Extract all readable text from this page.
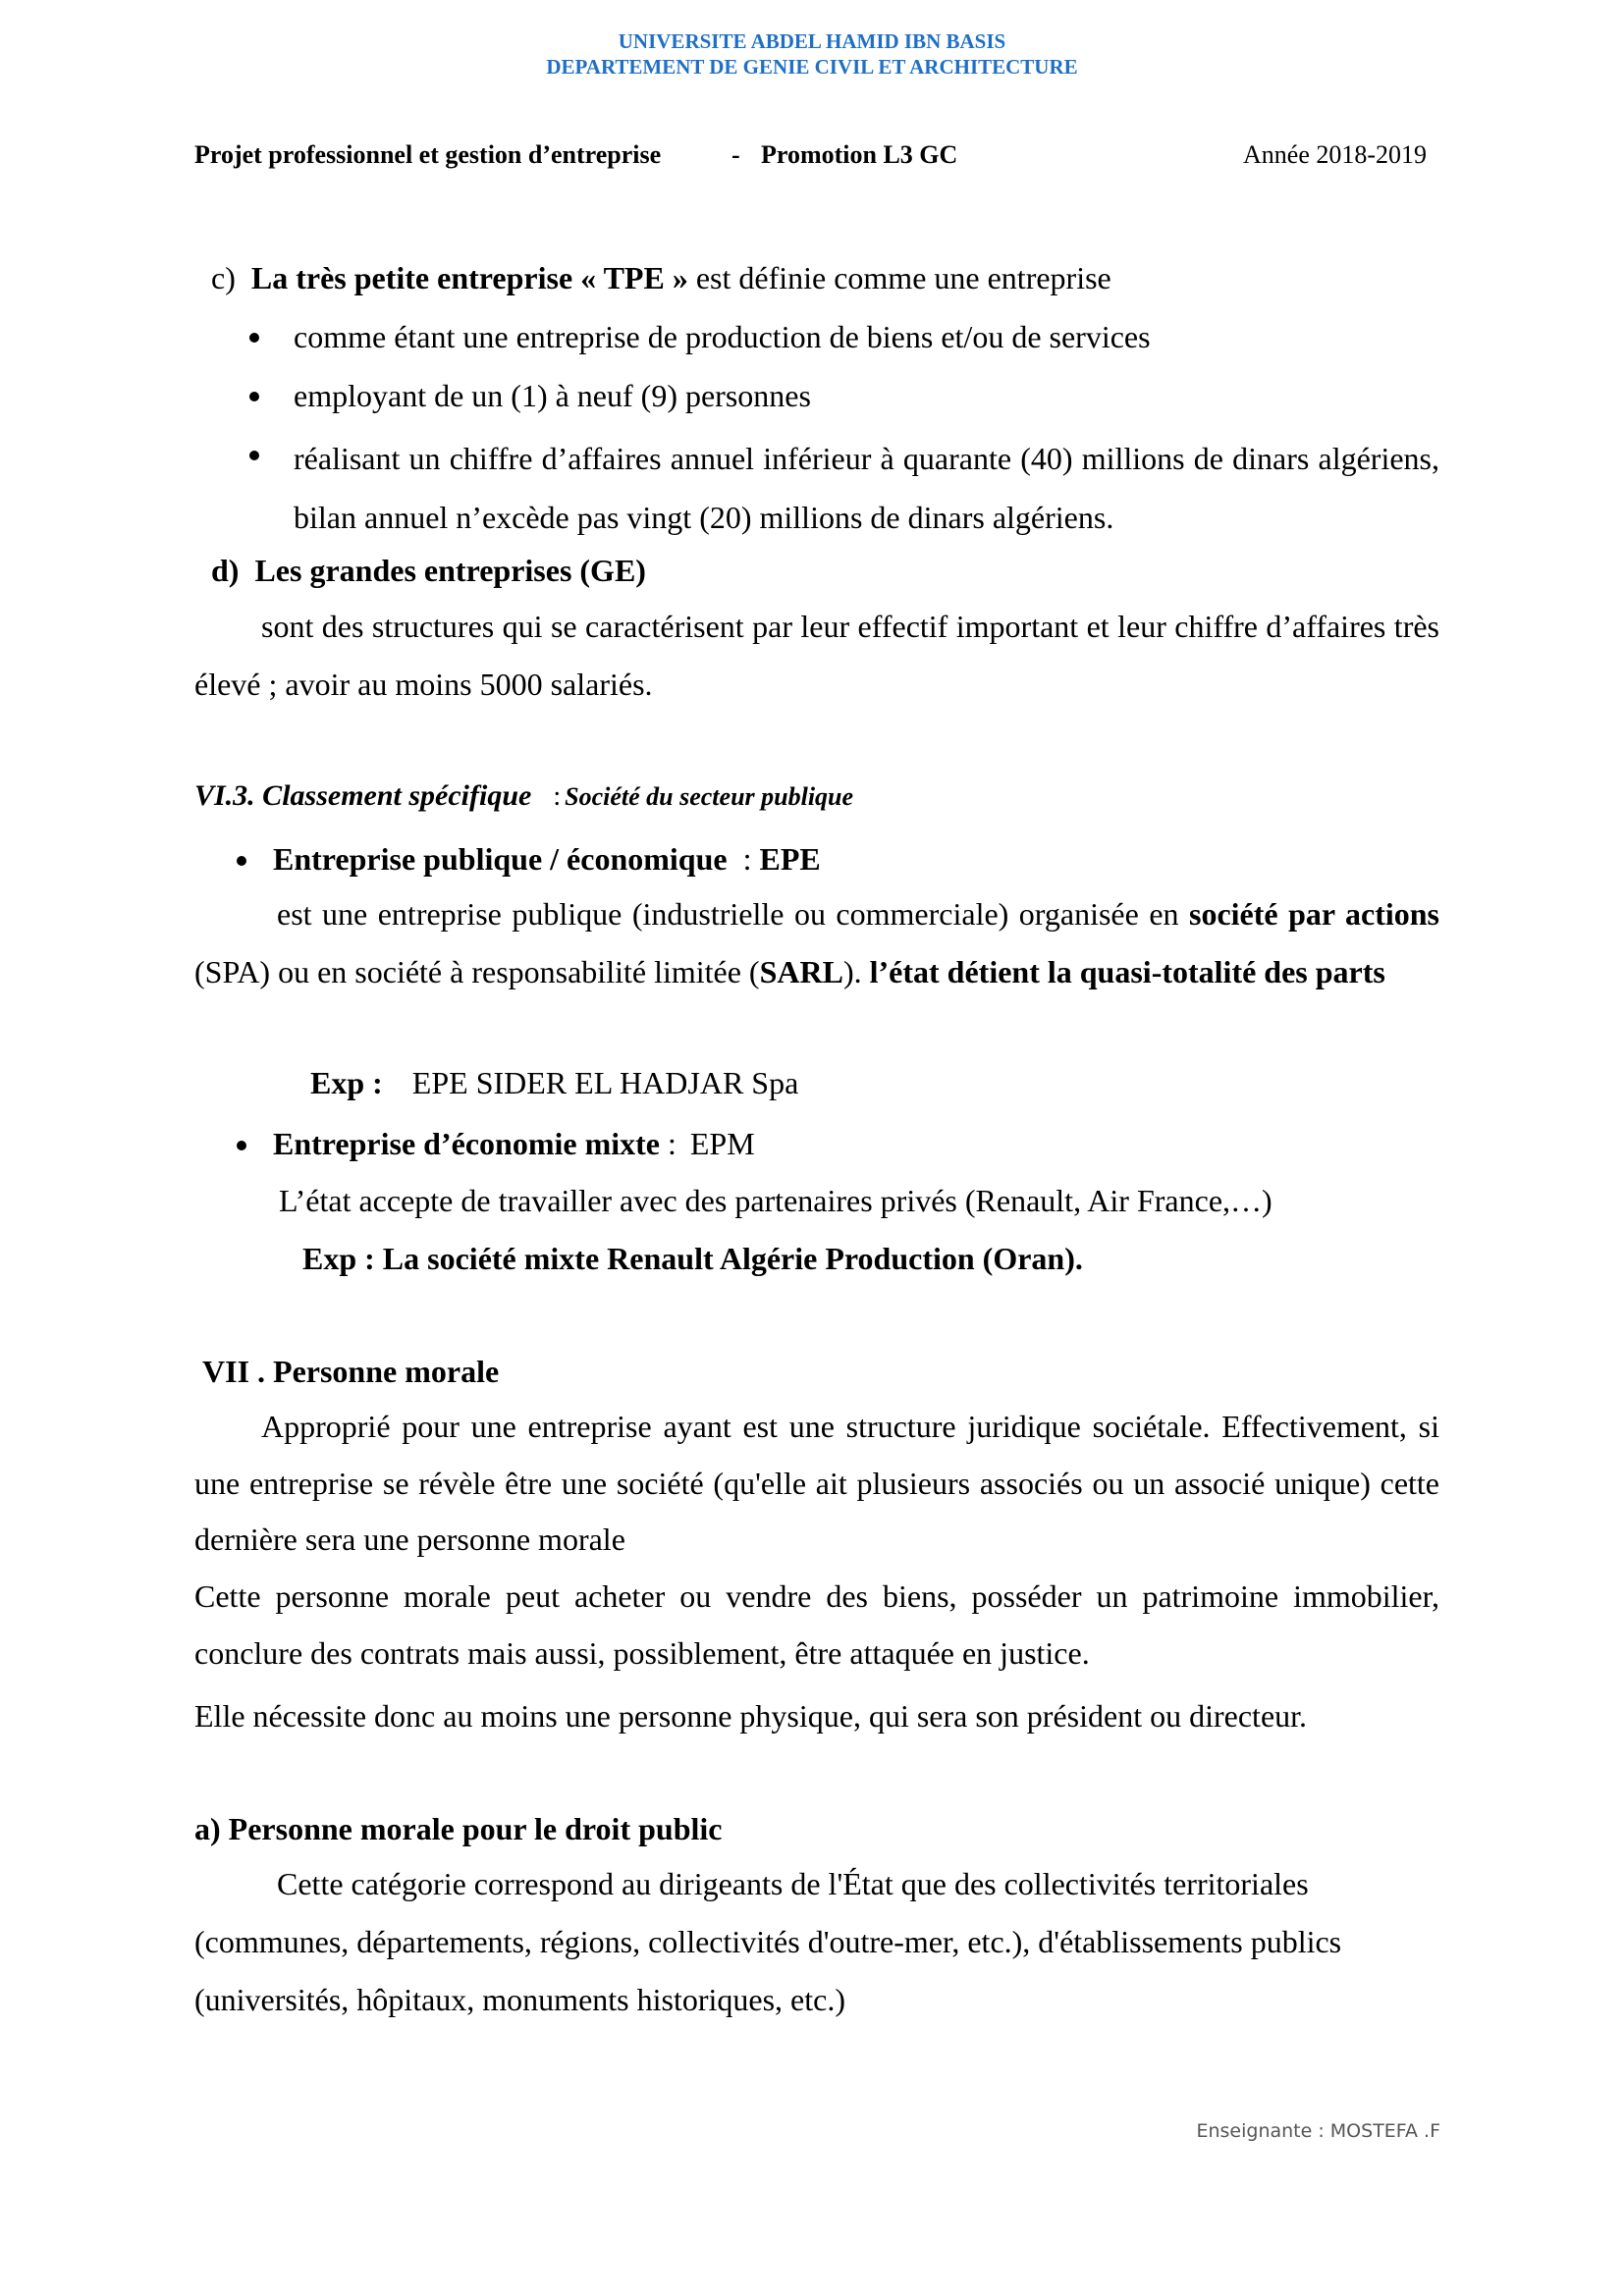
UNIVERSITE ABDEL HAMID IBN BASIS
DEPARTEMENT DE GENIE CIVIL ET ARCHITECTURE
Projet professionnel et gestion d’entreprise	- Promotion L3 GC	Année 2018-2019
c) La très petite entreprise « TPE » est définie comme une entreprise
comme étant une entreprise de production de biens et/ou de services
employant de un (1) à neuf (9) personnes
réalisant un chiffre d’affaires annuel inférieur à quarante (40) millions de dinars algériens, bilan annuel n’excède pas vingt (20) millions de dinars algériens.
d) Les grandes entreprises (GE)
sont des structures qui se caractérisent par leur effectif important et leur chiffre d’affaires très élevé ; avoir au moins 5000 salariés.
VI.3. Classement spécifique : Société du secteur publique
Entreprise publique / économique : EPE
est une entreprise publique (industrielle ou commerciale) organisée en société par actions (SPA) ou en société à responsabilité limitée (SARL). l’état détient la quasi-totalité des parts
Exp : EPE SIDER EL HADJAR Spa
Entreprise d’économie mixte : EPM
L’état accepte de travailler avec des partenaires privés (Renault, Air France,…)
Exp : La société mixte Renault Algérie Production (Oran).
VII . Personne morale
Approprié pour une entreprise ayant est une structure juridique sociétale. Effectivement, si une entreprise se révèle être une société (qu'elle ait plusieurs associés ou un associé unique) cette dernière sera une personne morale
Cette personne morale peut acheter ou vendre des biens, posséder un patrimoine immobilier, conclure des contrats mais aussi, possiblement, être attaquée en justice.
Elle nécessite donc au moins une personne physique, qui sera son président ou directeur.
a) Personne morale pour le droit public
Cette catégorie correspond au dirigeants de l'État que des collectivités territoriales (communes, départements, régions, collectivités d'outre-mer, etc.), d'établissements publics (universités, hôpitaux, monuments historiques, etc.)
Enseignante : MOSTEFA .F
